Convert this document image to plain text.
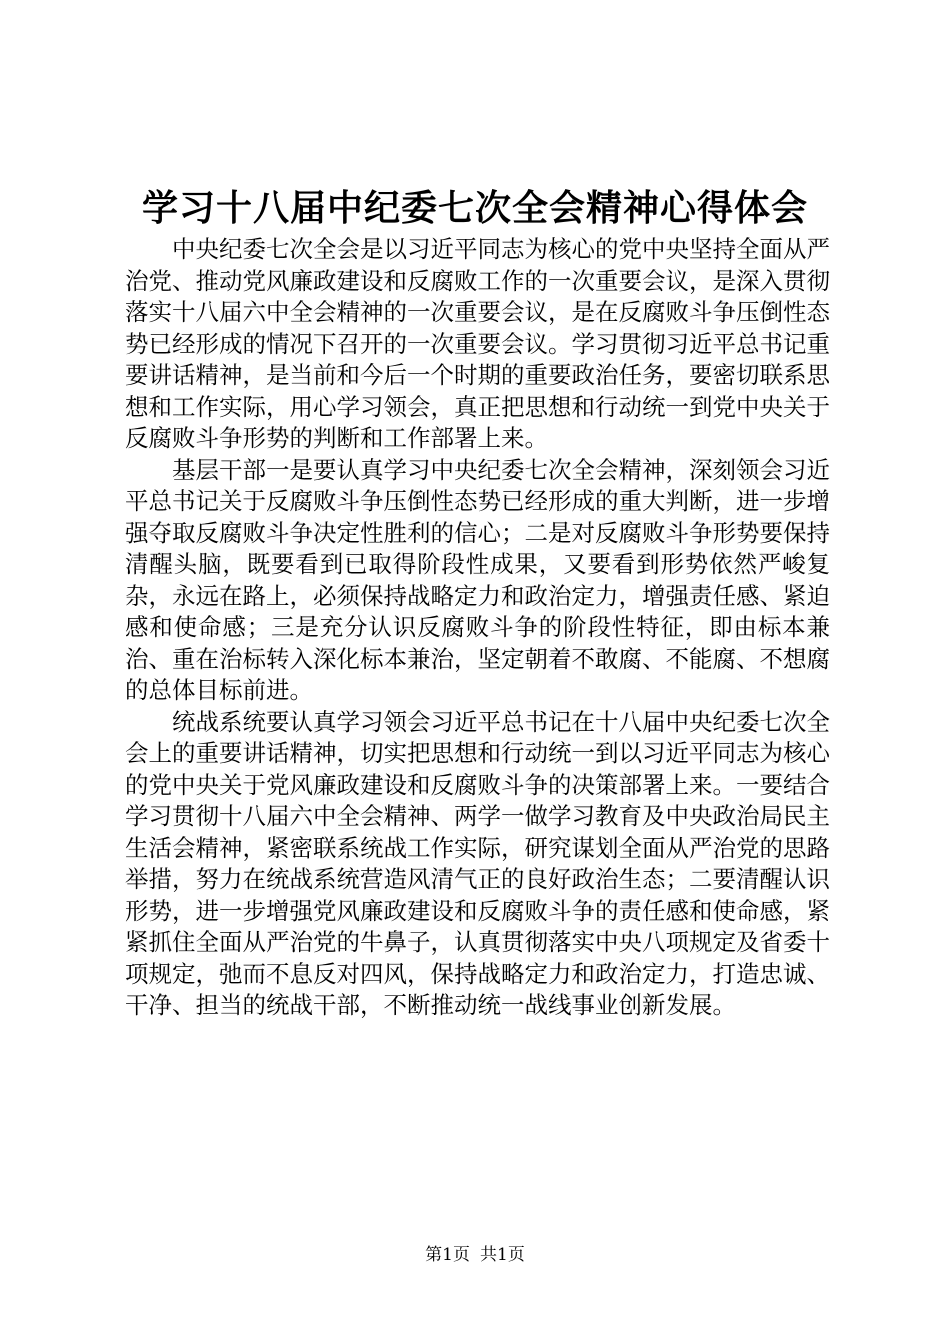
学习十八届中纪委七次全会精神心得体会

中央纪委七次全会是以习近平同志为核心的党中央坚持全面从严治党、推动党风廉政建设和反腐败工作的一次重要会议，是深入贯彻落实十八届六中全会精神的一次重要会议，是在反腐败斗争压倒性态势已经形成的情况下召开的一次重要会议。学习贯彻习近平总书记重要讲话精神，是当前和今后一个时期的重要政治任务，要密切联系思想和工作实际，用心学习领会，真正把思想和行动统一到党中央关于反腐败斗争形势的判断和工作部署上来。

基层干部一是要认真学习中央纪委七次全会精神，深刻领会习近平总书记关于反腐败斗争压倒性态势已经形成的重大判断，进一步增强夺取反腐败斗争决定性胜利的信心；二是对反腐败斗争形势要保持清醒头脑，既要看到已取得阶段性成果，又要看到形势依然严峻复杂，永远在路上，必须保持战略定力和政治定力，增强责任感、紧迫感和使命感；三是充分认识反腐败斗争的阶段性特征，即由标本兼治、重在治标转入深化标本兼治，坚定朝着不敢腐、不能腐、不想腐的总体目标前进。

统战系统要认真学习领会习近平总书记在十八届中央纪委七次全会上的重要讲话精神，切实把思想和行动统一到以习近平同志为核心的党中央关于党风廉政建设和反腐败斗争的决策部署上来。一要结合学习贯彻十八届六中全会精神、两学一做学习教育及中央政治局民主生活会精神，紧密联系统战工作实际，研究谋划全面从严治党的思路举措，努力在统战系统营造风清气正的良好政治生态；二要清醒认识形势，进一步增强党风廉政建设和反腐败斗争的责任感和使命感，紧紧抓住全面从严治党的牛鼻子，认真贯彻落实中央八项规定及省委十项规定，弛而不息反对四风，保持战略定力和政治定力，打造忠诚、干净、担当的统战干部，不断推动统一战线事业创新发展。

第1页 共1页
